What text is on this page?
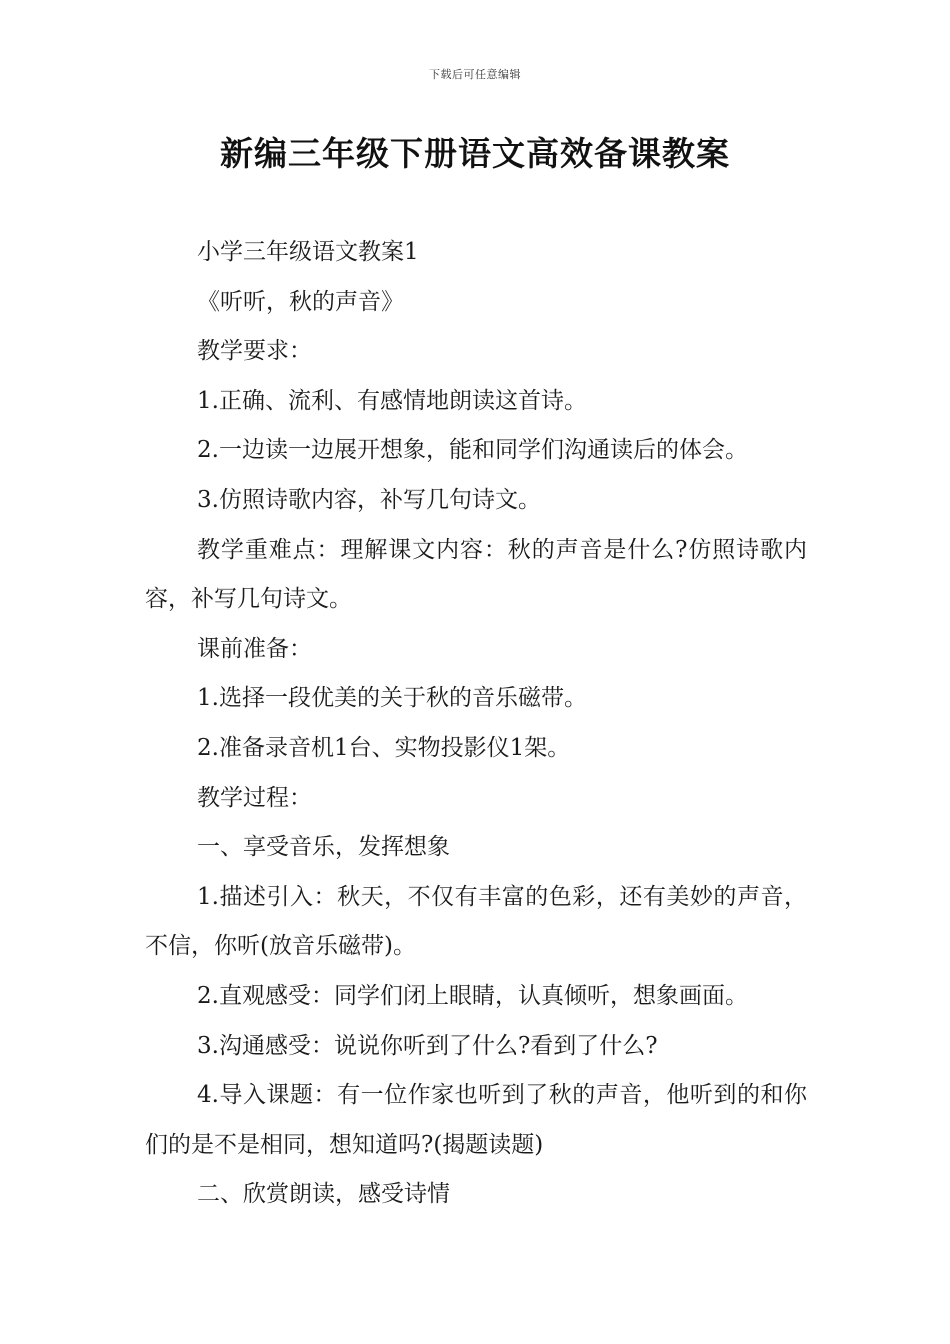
下载后可任意编辑
新编三年级下册语文高效备课教案

小学三年级语文教案1

《听听，秋的声音》

教学要求：

1.正确、流利、有感情地朗读这首诗。

2.一边读一边展开想象，能和同学们沟通读后的体会。

3.仿照诗歌内容，补写几句诗文。

教学重难点：理解课文内容：秋的声音是什么?仿照诗歌内容，补写几句诗文。

课前准备：

1.选择一段优美的关于秋的音乐磁带。

2.准备录音机1台、实物投影仪1架。

教学过程：

一、享受音乐，发挥想象

1.描述引入：秋天，不仅有丰富的色彩，还有美妙的声音，不信，你听(放音乐磁带)。

2.直观感受：同学们闭上眼睛，认真倾听，想象画面。

3.沟通感受：说说你听到了什么?看到了什么?

4.导入课题：有一位作家也听到了秋的声音，他听到的和你们的是不是相同，想知道吗?(揭题读题)

二、欣赏朗读，感受诗情
